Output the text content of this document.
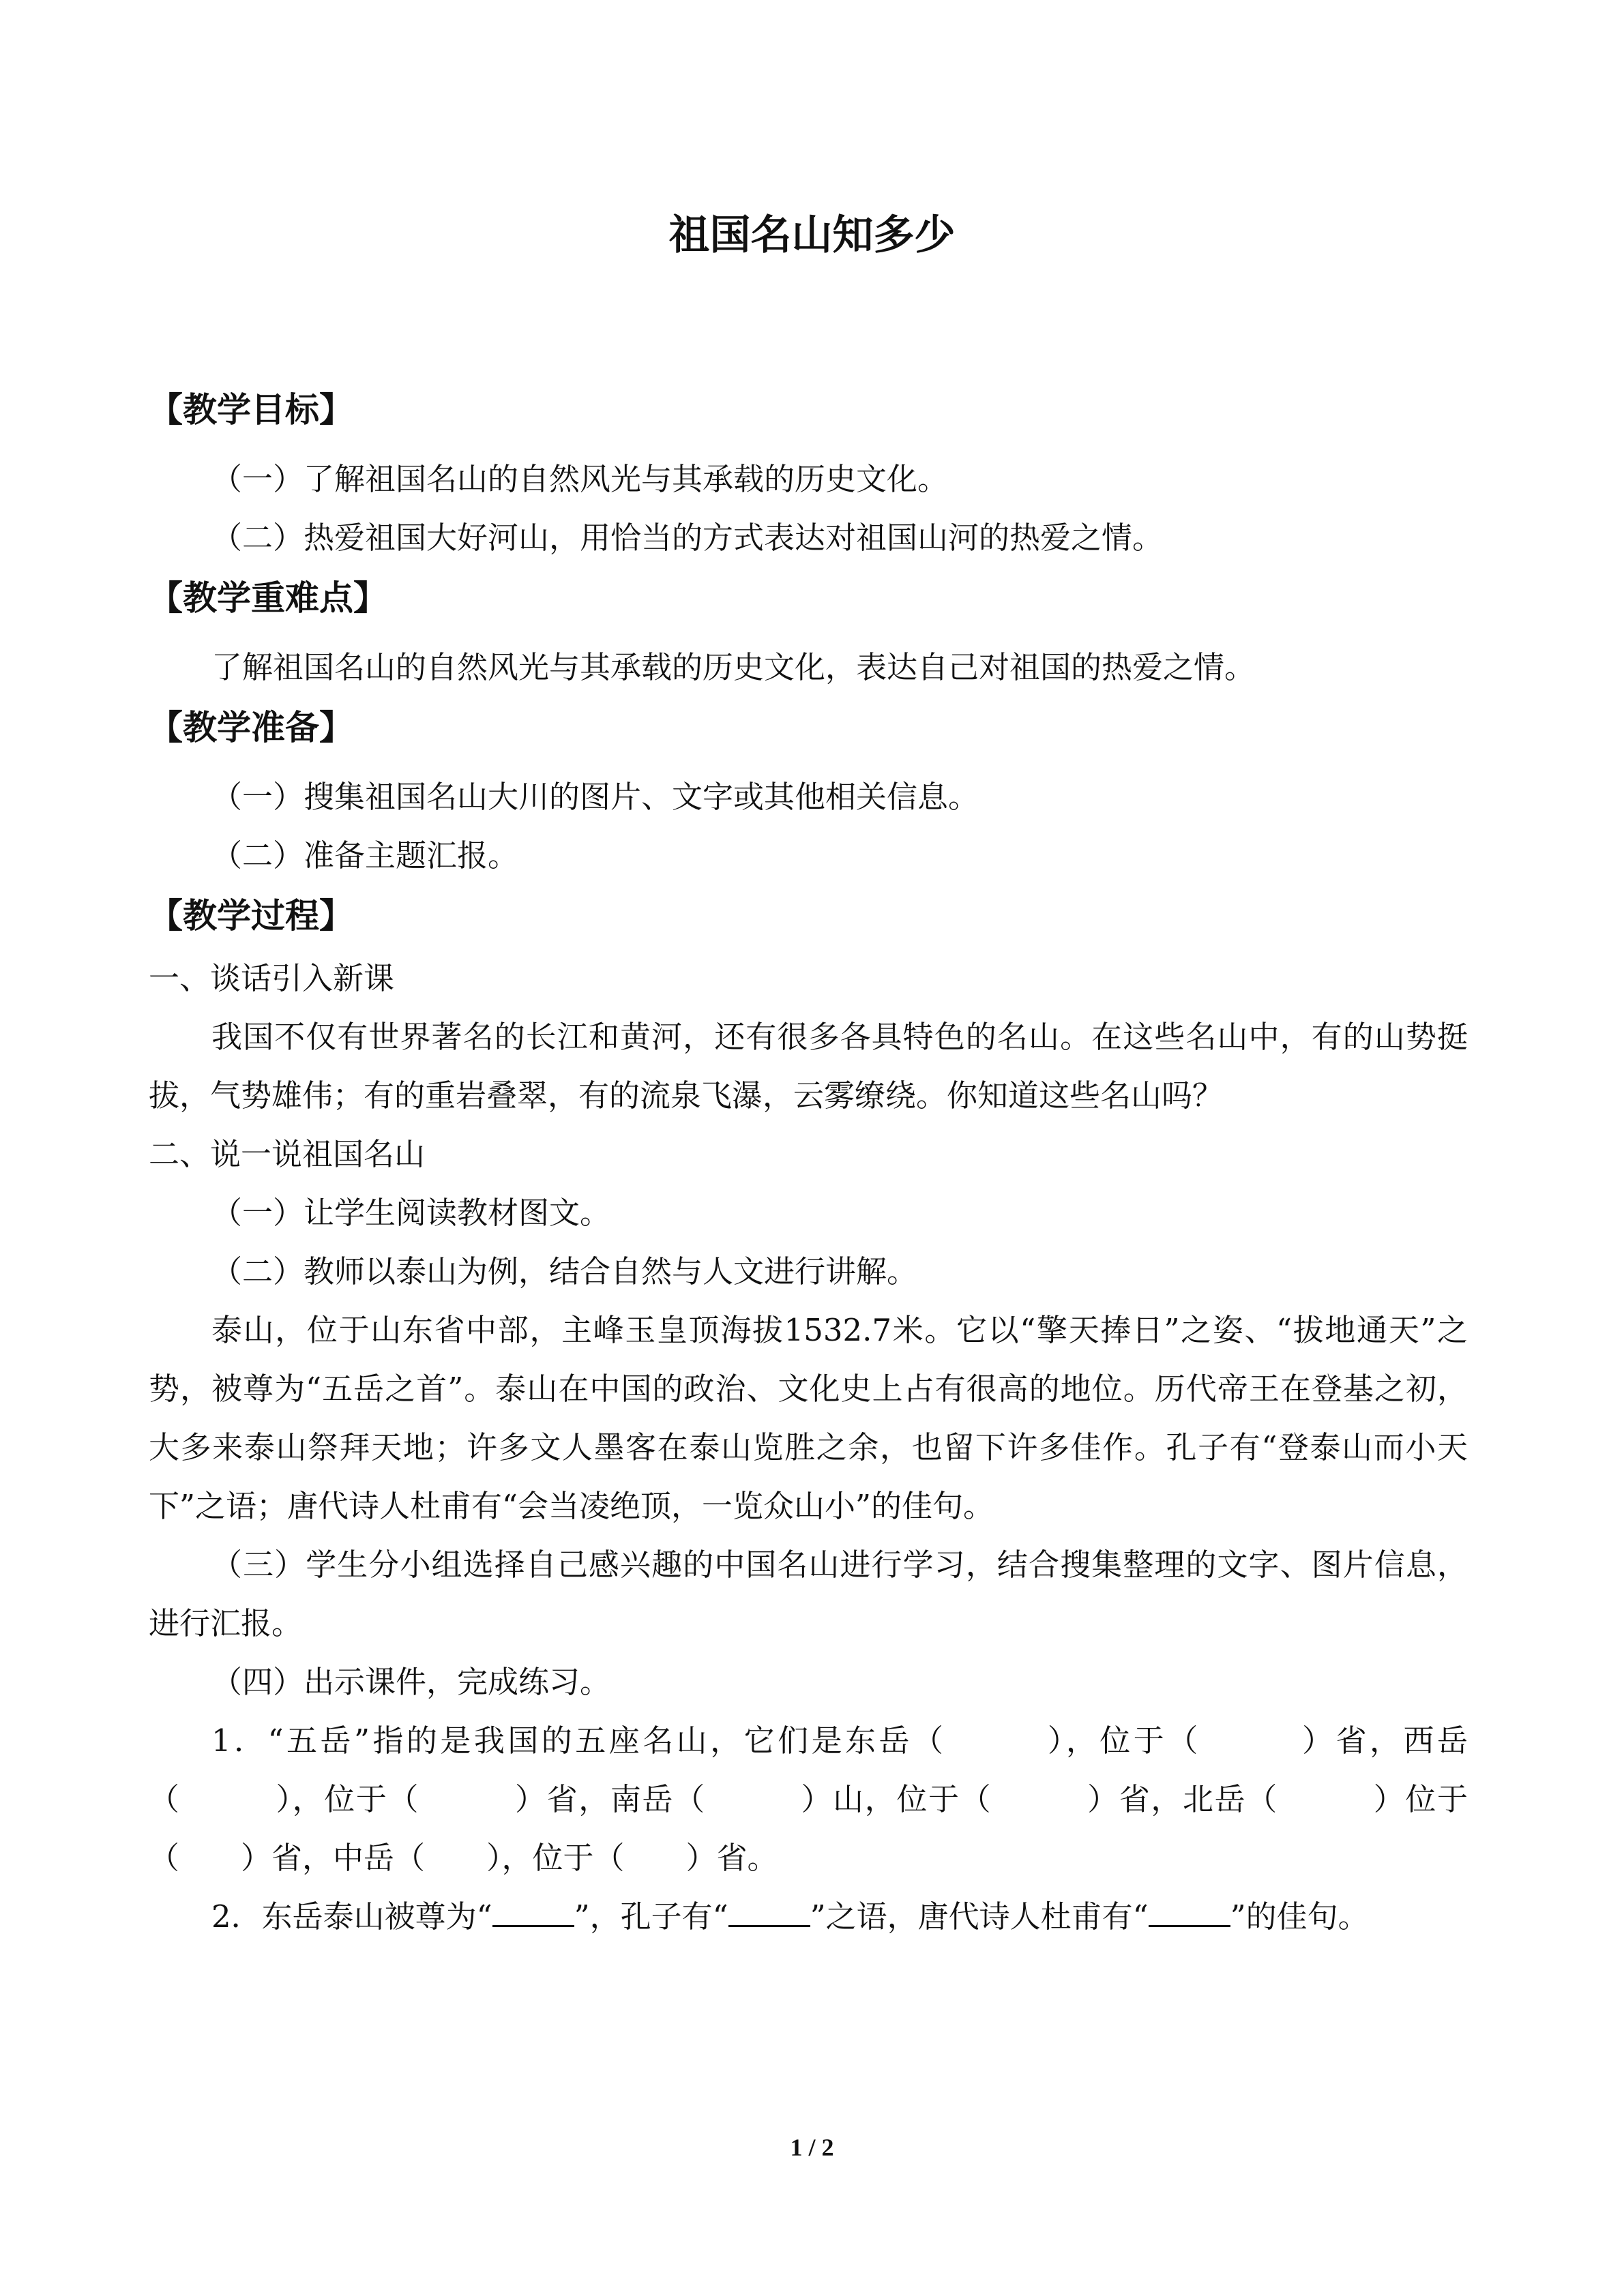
祖国名山知多少
【教学目标】

（一）了解祖国名山的自然风光与其承载的历史文化。

（二）热爱祖国大好河山，用恰当的方式表达对祖国山河的热爱之情。

【教学重难点】

了解祖国名山的自然风光与其承载的历史文化，表达自己对祖国的热爱之情。

【教学准备】

（一）搜集祖国名山大川的图片、文字或其他相关信息。

（二）准备主题汇报。

【教学过程】

一、谈话引入新课

我国不仅有世界著名的长江和黄河，还有很多各具特色的名山。在这些名山中，有的山势挺拔，气势雄伟；有的重岩叠翠，有的流泉飞瀑，云雾缭绕。你知道这些名山吗？

二、说一说祖国名山

（一）让学生阅读教材图文。

（二）教师以泰山为例，结合自然与人文进行讲解。

泰山，位于山东省中部，主峰玉皇顶海拔1532.7米。它以“擎天捧日”之姿、“拔地通天”之势，被尊为“五岳之首”。泰山在中国的政治、文化史上占有很高的地位。历代帝王在登基之初，大多来泰山祭拜天地；许多文人墨客在泰山览胜之余，也留下许多佳作。孔子有“登泰山而小天下”之语；唐代诗人杜甫有“会当凌绝顶，一览众山小”的佳句。

（三）学生分小组选择自己感兴趣的中国名山进行学习，结合搜集整理的文字、图片信息，进行汇报。

（四）出示课件，完成练习。

1．“五岳”指的是我国的五座名山，它们是东岳（　　　），位于（　　　）省，西岳（　　　），位于（　　　）省，南岳（　　　）山，位于（　　　）省，北岳（　　　）位于（　　）省，中岳（　　），位于（　　）省。

2．东岳泰山被尊为“	”，孔子有“	”之语，唐代诗人杜甫有“	”的佳句。

1 / 2
